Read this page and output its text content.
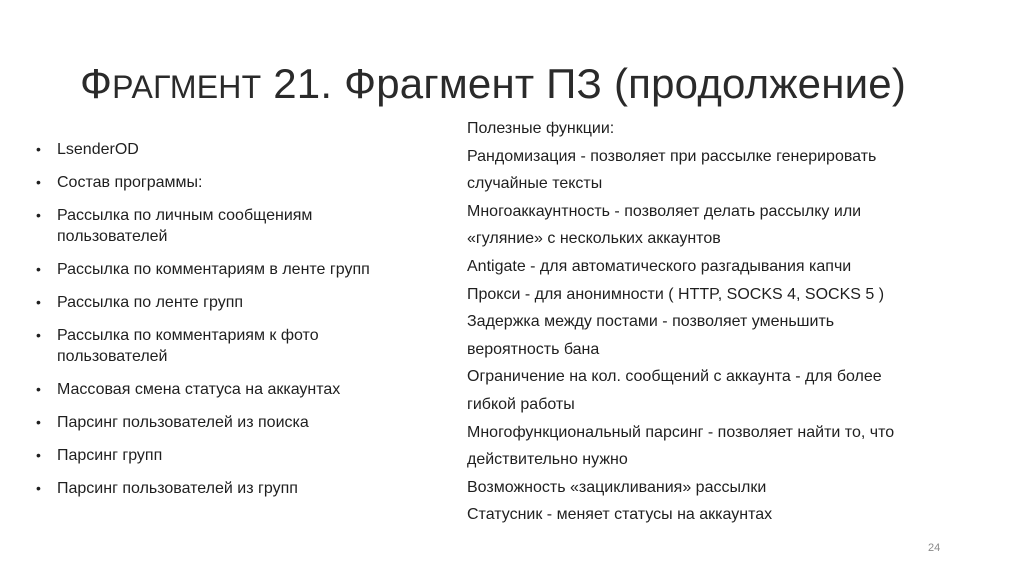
ФРАГМЕНТ 21. Фрагмент ПЗ (продолжение)
• LsenderOD
• Состав программы:
• Рассылка по личным сообщениям пользователей
• Рассылка по комментариям в ленте групп
• Рассылка по ленте групп
• Рассылка по комментариям к фото пользователей
• Массовая смена статуса на аккаунтах
• Парсинг пользователей из поиска
• Парсинг групп
• Парсинг пользователей из групп

Полезные функции:

Рандомизация - позволяет при рассылке генерировать

случайные тексты

Многоаккаунтность - позволяет делать рассылку или

«гуляние» с нескольких аккаунтов

Antigate - для автоматического разгадывания капчи

Прокси - для анонимности ( HTTP, SOCKS 4, SOCKS 5 )

Задержка между постами - позволяет уменьшить

вероятность бана

Ограничение на кол. сообщений с аккаунта - для более

гибкой работы

Многофункциональный парсинг - позволяет найти то, что

действительно нужно

Возможность «зацикливания» рассылки

Статусник - меняет статусы на аккаунтах

24
